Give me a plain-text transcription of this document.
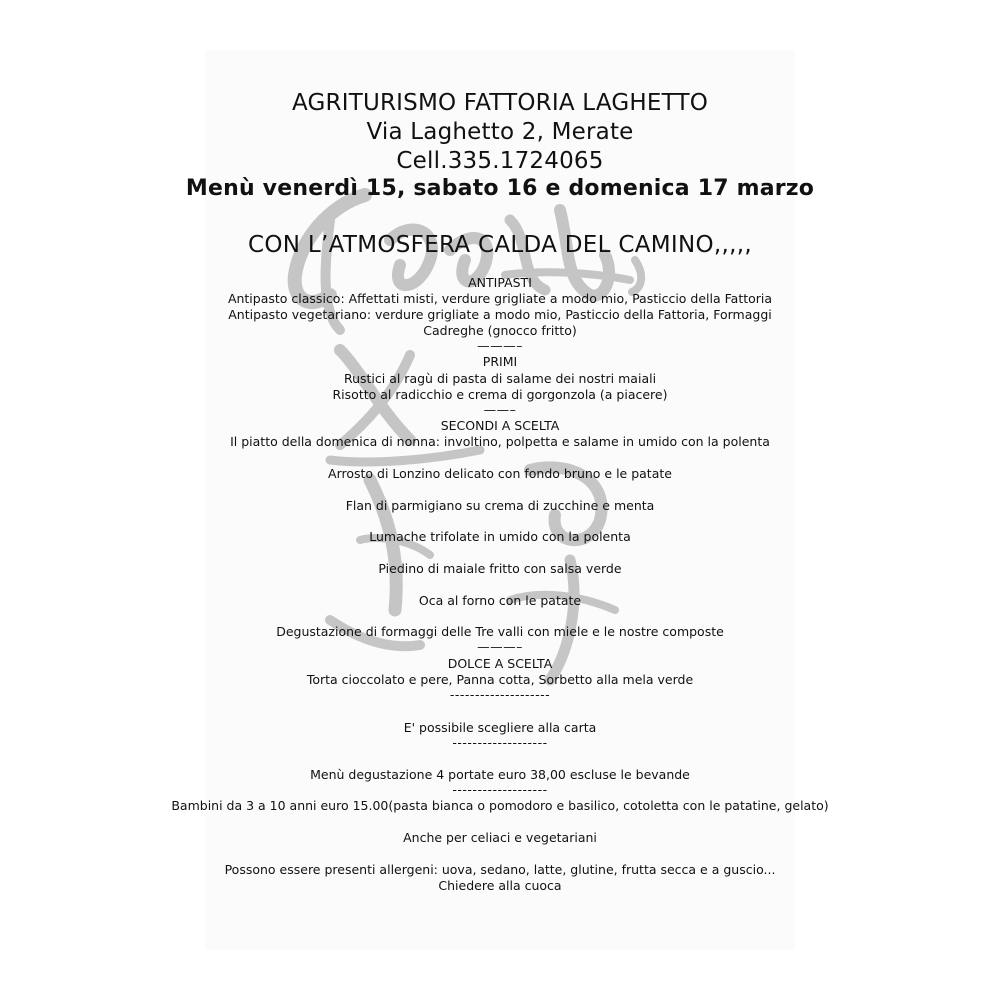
AGRITURISMO FATTORIA LAGHETTO
Via Laghetto 2, Merate
Cell.335.1724065
Menù venerdì 15, sabato 16 e domenica 17 marzo
CON L’ATMOSFERA CALDA DEL CAMINO,,,,,
ANTIPASTI
Antipasto classico: Affettati misti, verdure grigliate a modo mio, Pasticcio della Fattoria
Antipasto vegetariano: verdure grigliate a modo mio, Pasticcio della Fattoria, Formaggi
Cadreghe (gnocco fritto)
———–
PRIMI
Rustici al ragù di pasta di salame dei nostri maiali
Risotto al radicchio e crema di gorgonzola (a piacere)
——–
SECONDI A SCELTA
Il piatto della domenica di nonna: involtino, polpetta e salame in umido con la polenta
Arrosto di Lonzino delicato con fondo bruno e le patate
Flan di parmigiano su crema di zucchine e menta
Lumache trifolate in umido con la polenta
Piedino di maiale fritto con salsa verde
Oca al forno con le patate
Degustazione di formaggi delle Tre valli con miele e le nostre composte
———–
DOLCE A SCELTA
Torta cioccolato e pere, Panna cotta, Sorbetto alla mela verde
--------------------
E' possibile scegliere alla carta
-------------------
Menù degustazione 4 portate euro 38,00 escluse le bevande
-------------------
Bambini da 3 a 10 anni euro 15.00(pasta bianca o pomodoro e basilico, cotoletta con le patatine, gelato)
Anche per celiaci e vegetariani
Possono essere presenti allergeni: uova, sedano, latte, glutine, frutta secca e a guscio...
Chiedere alla cuoca
